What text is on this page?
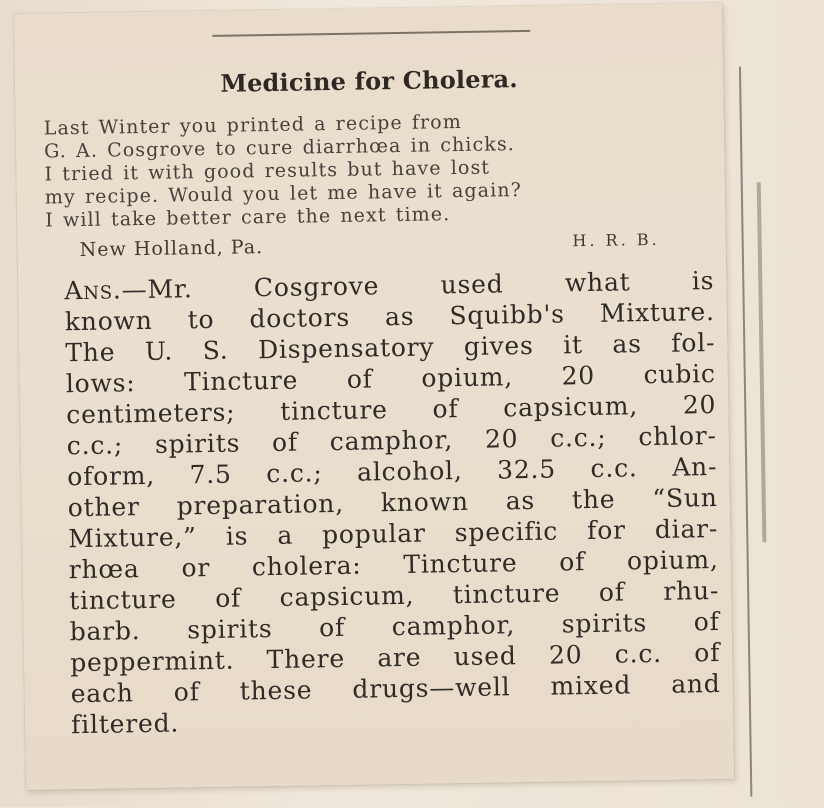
Medicine for Cholera.
Last Winter you printed a recipe from
G. A. Cosgrove to cure diarrhœa in chicks.
I tried it with good results but have lost
my recipe. Would you let me have it again?
I will take better care the next time.
New Holland, Pa.	H. R. B.
Ans.—Mr. Cosgrove used what is
known to doctors as Squibb's Mixture.
The U. S. Dispensatory gives it as fol-
lows: Tincture of opium, 20 cubic
centimeters; tincture of capsicum, 20
c.c.; spirits of camphor, 20 c.c.; chlor-
oform, 7.5 c.c.; alcohol, 32.5 c.c. An-
other preparation, known as the “Sun
Mixture,” is a popular specific for diar-
rhœa or cholera: Tincture of opium,
tincture of capsicum, tincture of rhu-
barb. spirits of camphor, spirits of
peppermint. There are used 20 c.c. of
each of these drugs—well mixed and
filtered.
